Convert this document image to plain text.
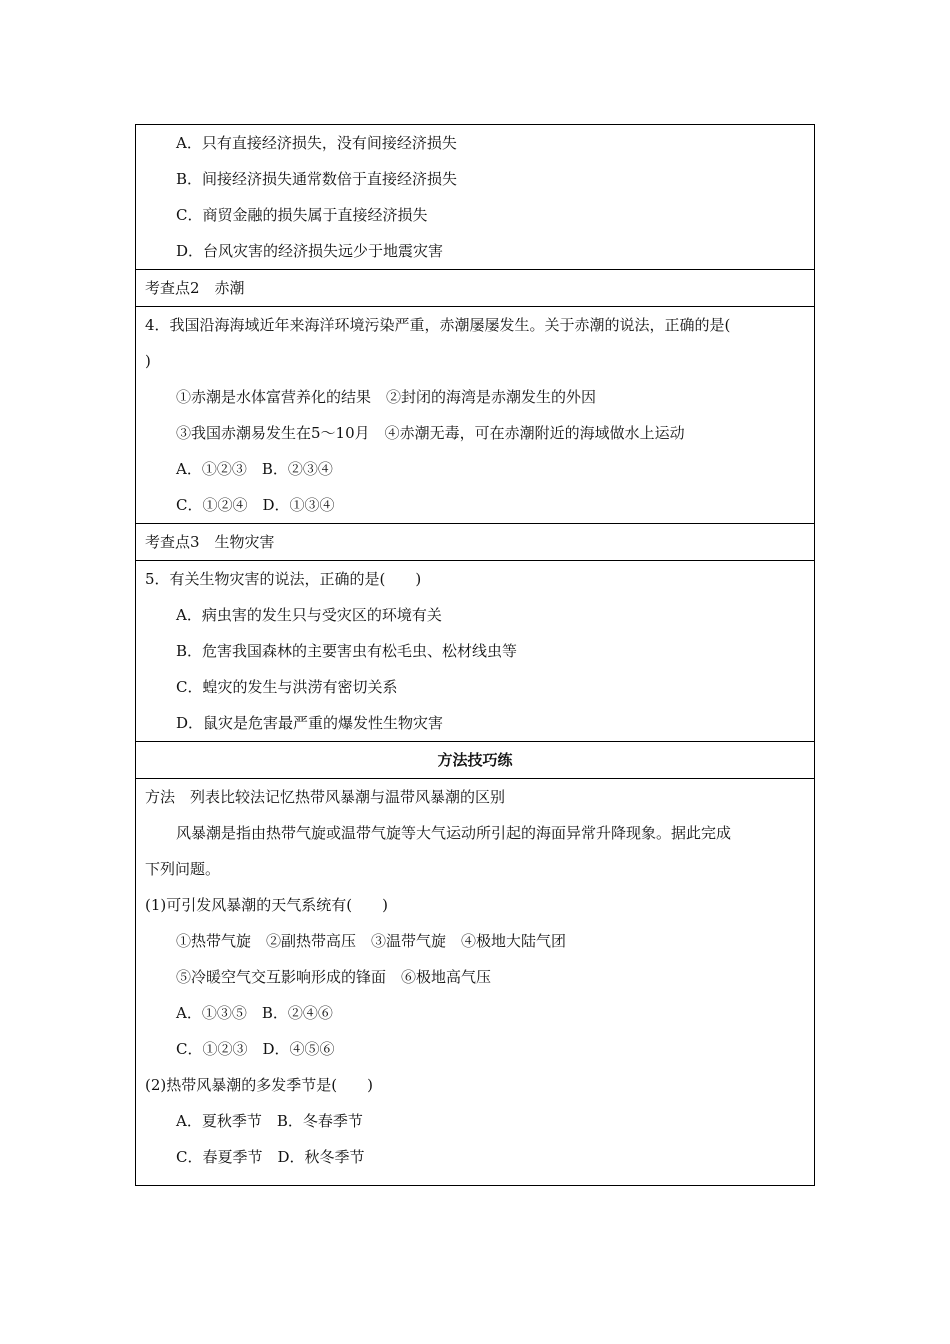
A．只有直接经济损失，没有间接经济损失
B．间接经济损失通常数倍于直接经济损失
C．商贸金融的损失属于直接经济损失
D．台风灾害的经济损失远少于地震灾害
考查点2　赤潮
4．我国沿海海域近年来海洋环境污染严重，赤潮屡屡发生。关于赤潮的说法，正确的是(
)
①赤潮是水体富营养化的结果　②封闭的海湾是赤潮发生的外因
③我国赤潮易发生在5～10月　④赤潮无毒，可在赤潮附近的海域做水上运动
A．①②③　B．②③④
C．①②④　D．①③④
考查点3　生物灾害
5．有关生物灾害的说法，正确的是(　　)
A．病虫害的发生只与受灾区的环境有关
B．危害我国森林的主要害虫有松毛虫、松材线虫等
C．蝗灾的发生与洪涝有密切关系
D．鼠灾是危害最严重的爆发性生物灾害
方法技巧练
方法　列表比较法记忆热带风暴潮与温带风暴潮的区别
风暴潮是指由热带气旋或温带气旋等大气运动所引起的海面异常升降现象。据此完成
下列问题。
(1)可引发风暴潮的天气系统有(　　)
①热带气旋　②副热带高压　③温带气旋　④极地大陆气团
⑤冷暖空气交互影响形成的锋面　⑥极地高气压
A．①③⑤　B．②④⑥
C．①②③　D．④⑤⑥
(2)热带风暴潮的多发季节是(　　)
A．夏秋季节　B．冬春季节
C．春夏季节　D．秋冬季节
